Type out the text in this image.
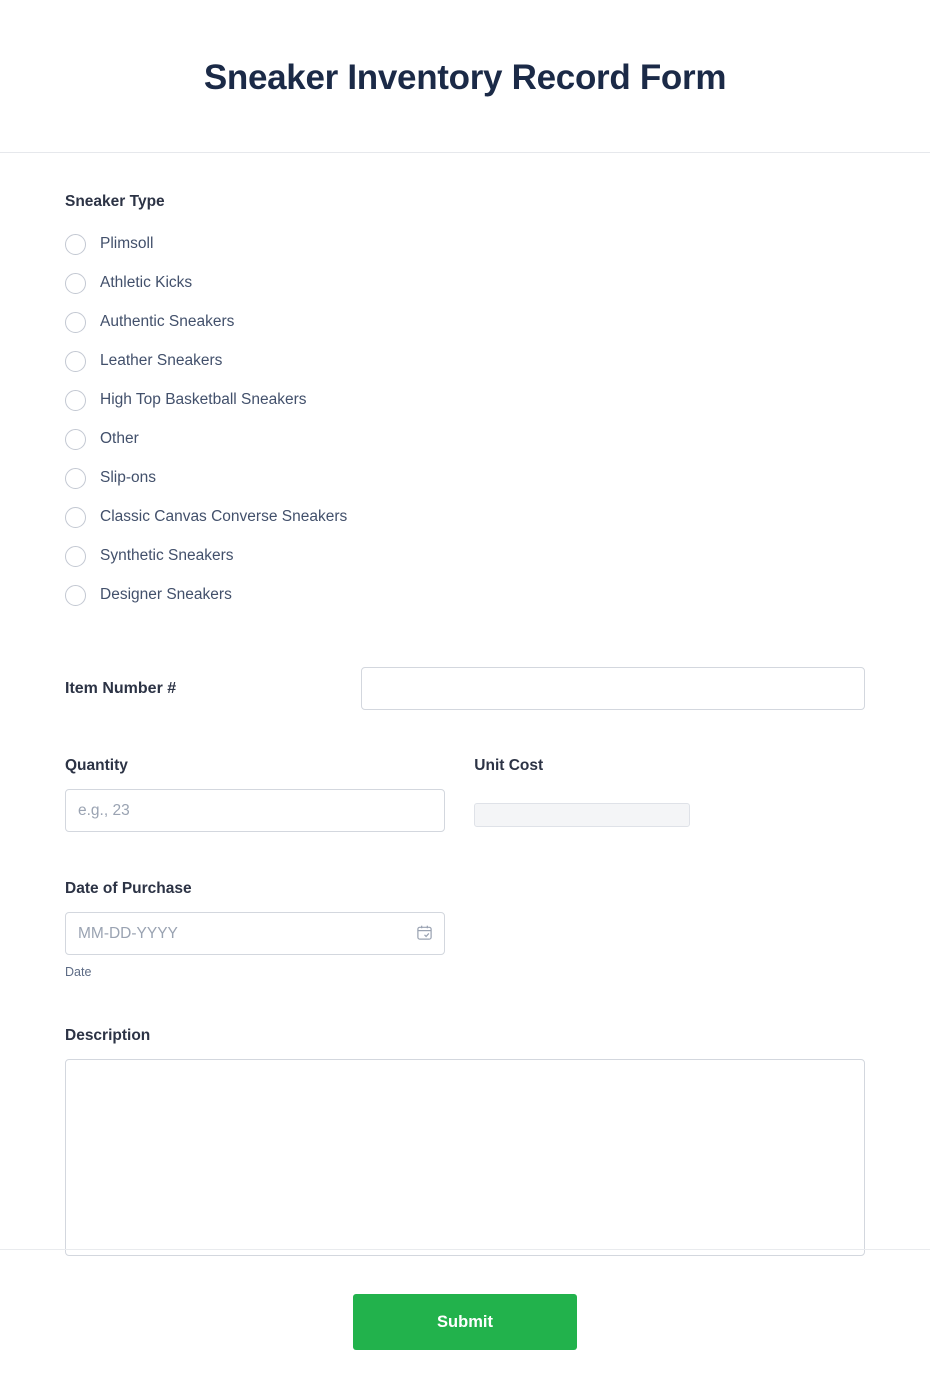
Sneaker Inventory Record Form
Sneaker Type
Plimsoll
Athletic Kicks
Authentic Sneakers
Leather Sneakers
High Top Basketball Sneakers
Other
Slip-ons
Classic Canvas Converse Sneakers
Synthetic Sneakers
Designer Sneakers
Item Number #
Quantity
e.g., 23	Unit Cost
Date of Purchase
MM-DD-YYYY
Date
Description
Submit
